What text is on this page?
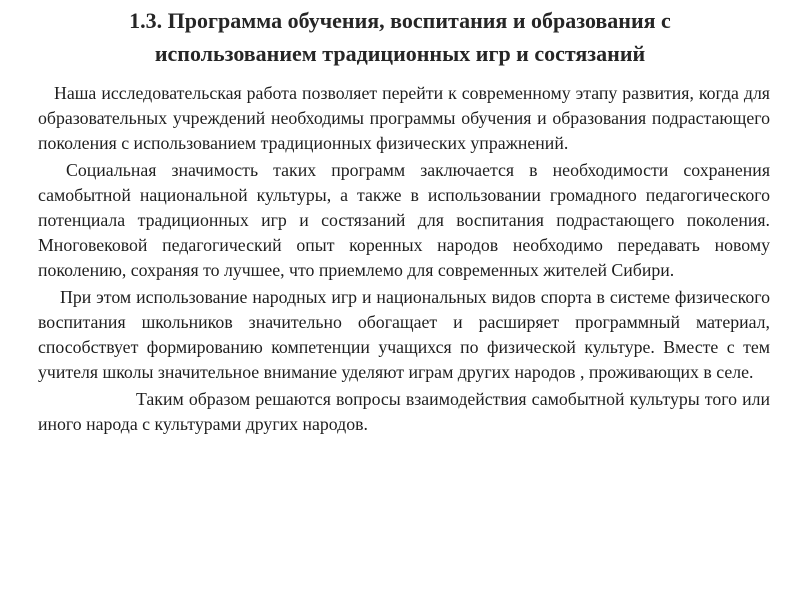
1.3. Программа обучения, воспитания и образования с
использованием традиционных игр и состязаний

Наша исследовательская работа позволяет перейти к современному этапу развития, когда для образовательных учреждений необходимы программы обучения и образования подрастающего поколения с использованием традиционных физических упражнений.

Социальная значимость таких программ заключается в необходимости сохранения самобытной национальной культуры, а также в использовании громадного педагогического потенциала традиционных игр и состязаний для воспитания подрастающего поколения. Многовековой педагогический опыт коренных народов необходимо передавать новому поколению, сохраняя то лучшее, что приемлемо для современных жителей Сибири.

При этом использование народных игр и национальных видов спорта в системе физического воспитания школьников значительно обогащает и расширяет программный материал, способствует формированию компетенции учащихся по физической культуре. Вместе с тем учителя школы значительное внимание уделяют играм других народов , проживающих в селе.

Таким образом решаются вопросы взаимодействия самобытной культуры того или иного народа с культурами других народов.
